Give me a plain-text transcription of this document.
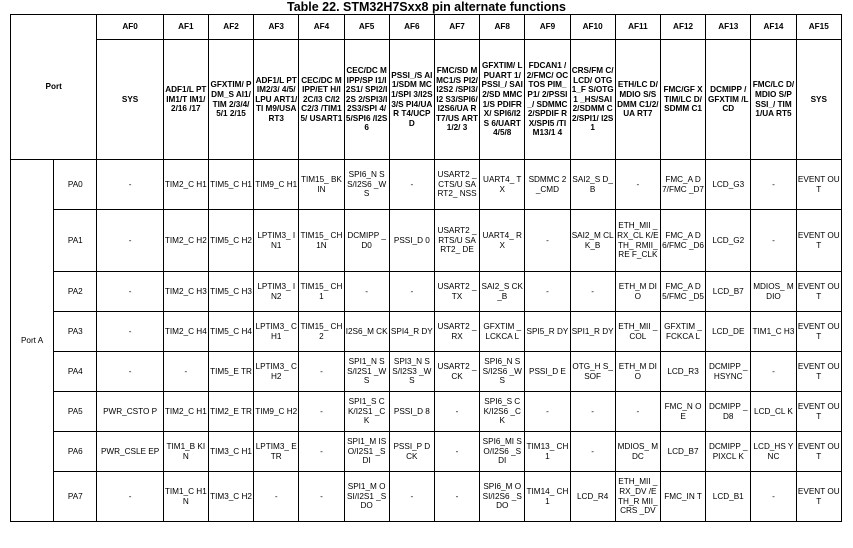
Table 22. STM32H7Sxx8 pin alternate functions
Port		AF0	AF1	AF2	AF3	AF4	AF5	AF6	AF7	AF8	AF9	AF10	AF11	AF12	AF13	AF14	AF15
		SYS	ADF1/L PTIM1/T IM1/2/16 /17	GFXTIM/ PDM_S AI1/TIM 2/3/4/5/1 2/15	ADF1/L PTIM2/3/ 4/5/LPU ART1/TI M9/USA RT3	CEC/DC MIPP/ET H/I2C/I3 C/I2C2/3 /TIM15/ USART1	CEC/DC MIPP/SP I1/I2S1/ SPI2/I2S 2/SPI3/I 2S3/SPI 4/5/SPI6 /I2S6	PSSI_/S AI1/SDM MC1/SPI 3/I2S3/S PI4/UAR T4/UCP D	FMC/SD MMC1/S PI2/I2S2 /SPI3/I2 S3/SPI6/ I2S6/UA RT7/US ART1/2/ 3	GFXTIM/ LPUART 1/PSSI_/ SAI2/SD MMC1/S PDIFRX/ SPI6/I2S 6/UART 4/5/8	FDCAN1 /2/FMC/ OCTOS PIM_P1/ 2/PSSI_/ SDMMC 2/SPDIF RX/SPI5 /TIM13/1 4	CRS/FM C/LCD/ OTG1_F S/OTG1 _HS/SAI 2/SDMM C2/SPI1/ I2S1	ETH/LC D/MDIO S/SDMM C1/2/UA RT7	FMC/GF XTIM/LC D/SDMM C1	DCMIPP /GFXTIM /LCD	FMC/LC D/MDIO S/PSSI_/ TIM1/UA RT5	SYS
Port A	PA0	-	TIM2_C H1	TIM5_C H1	TIM9_C H1	TIM15_ BKIN	SPI6_N SS/I2S6 _WS	-	USART2 _CTS/U SART2_ NSS	UART4_ TX	SDMMC 2_CMD	SAI2_S D_B	-	FMC_A D7/FMC _D7	LCD_G3	-	EVENT OUT
	PA1	-	TIM2_C H2	TIM5_C H2	LPTIM3_ IN1	TIM15_ CH1N	DCMIPP _D0	PSSI_D 0	USART2 _RTS/U SART2_ DE	UART4_ RX	-	SAI2_M CLK_B	ETH_MII _RX_CL K/ETH_ RMII_RE F_CLK	FMC_A D6/FMC _D6	LCD_G2	-	EVENT OUT
	PA2	-	TIM2_C H3	TIM5_C H3	LPTIM3_ IN2	TIM15_ CH1	-	-	USART2 _TX	SAI2_S CK_B	-	-	ETH_M DIO	FMC_A D5/FMC _D5	LCD_B7	MDIOS_ MDIO	EVENT OUT
	PA3	-	TIM2_C H4	TIM5_C H4	LPTIM3_ CH1	TIM15_ CH2	I2S6_M CK	SPI4_R DY	USART2 _RX	GFXTIM _LCKCA L	SPI5_R DY	SPI1_R DY	ETH_MII _COL	GFXTIM _FCKCA L	LCD_DE	TIM1_C H3	EVENT OUT
	PA4	-	-	TIM5_E TR	LPTIM3_ CH2	-	SPI1_N SS/I2S1 _WS	SPI3_N SS/I2S3 _WS	USART2 _CK	SPI6_N SS/I2S6 _WS	PSSI_D E	OTG_H S_SOF	ETH_M DIO	LCD_R3	DCMIPP _HSYNC	-	EVENT OUT
	PA5	PWR_CSTO P	TIM2_C H1	TIM2_E TR	TIM9_C H2	-	SPI1_S CK/I2S1 _CK	PSSI_D 8	-	SPI6_S CK/I2S6 _CK	-	-	-	FMC_N OE	DCMIPP _D8	LCD_CL K	EVENT OUT
	PA6	PWR_CSLE EP	TIM1_B KIN	TIM3_C H1	LPTIM3_ ETR	-	SPI1_M ISO/I2S1 _SDI	PSSI_P DCK	-	SPI6_MI SO/I2S6 _SDI	TIM13_ CH1	-	MDIOS_ MDC	LCD_B7	DCMIPP _PIXCL K	LCD_HS YNC	EVENT OUT
	PA7	-	TIM1_C H1N	TIM3_C H2	-	-	SPI1_M OSI/I2S1 _SDO	-	-	SPI6_M OSI/I2S6 _SDO	TIM14_ CH1	LCD_R4	ETH_MII _RX_DV /ETH_R MII_CRS _DV	FMC_IN T	LCD_B1	-	EVENT OUT
